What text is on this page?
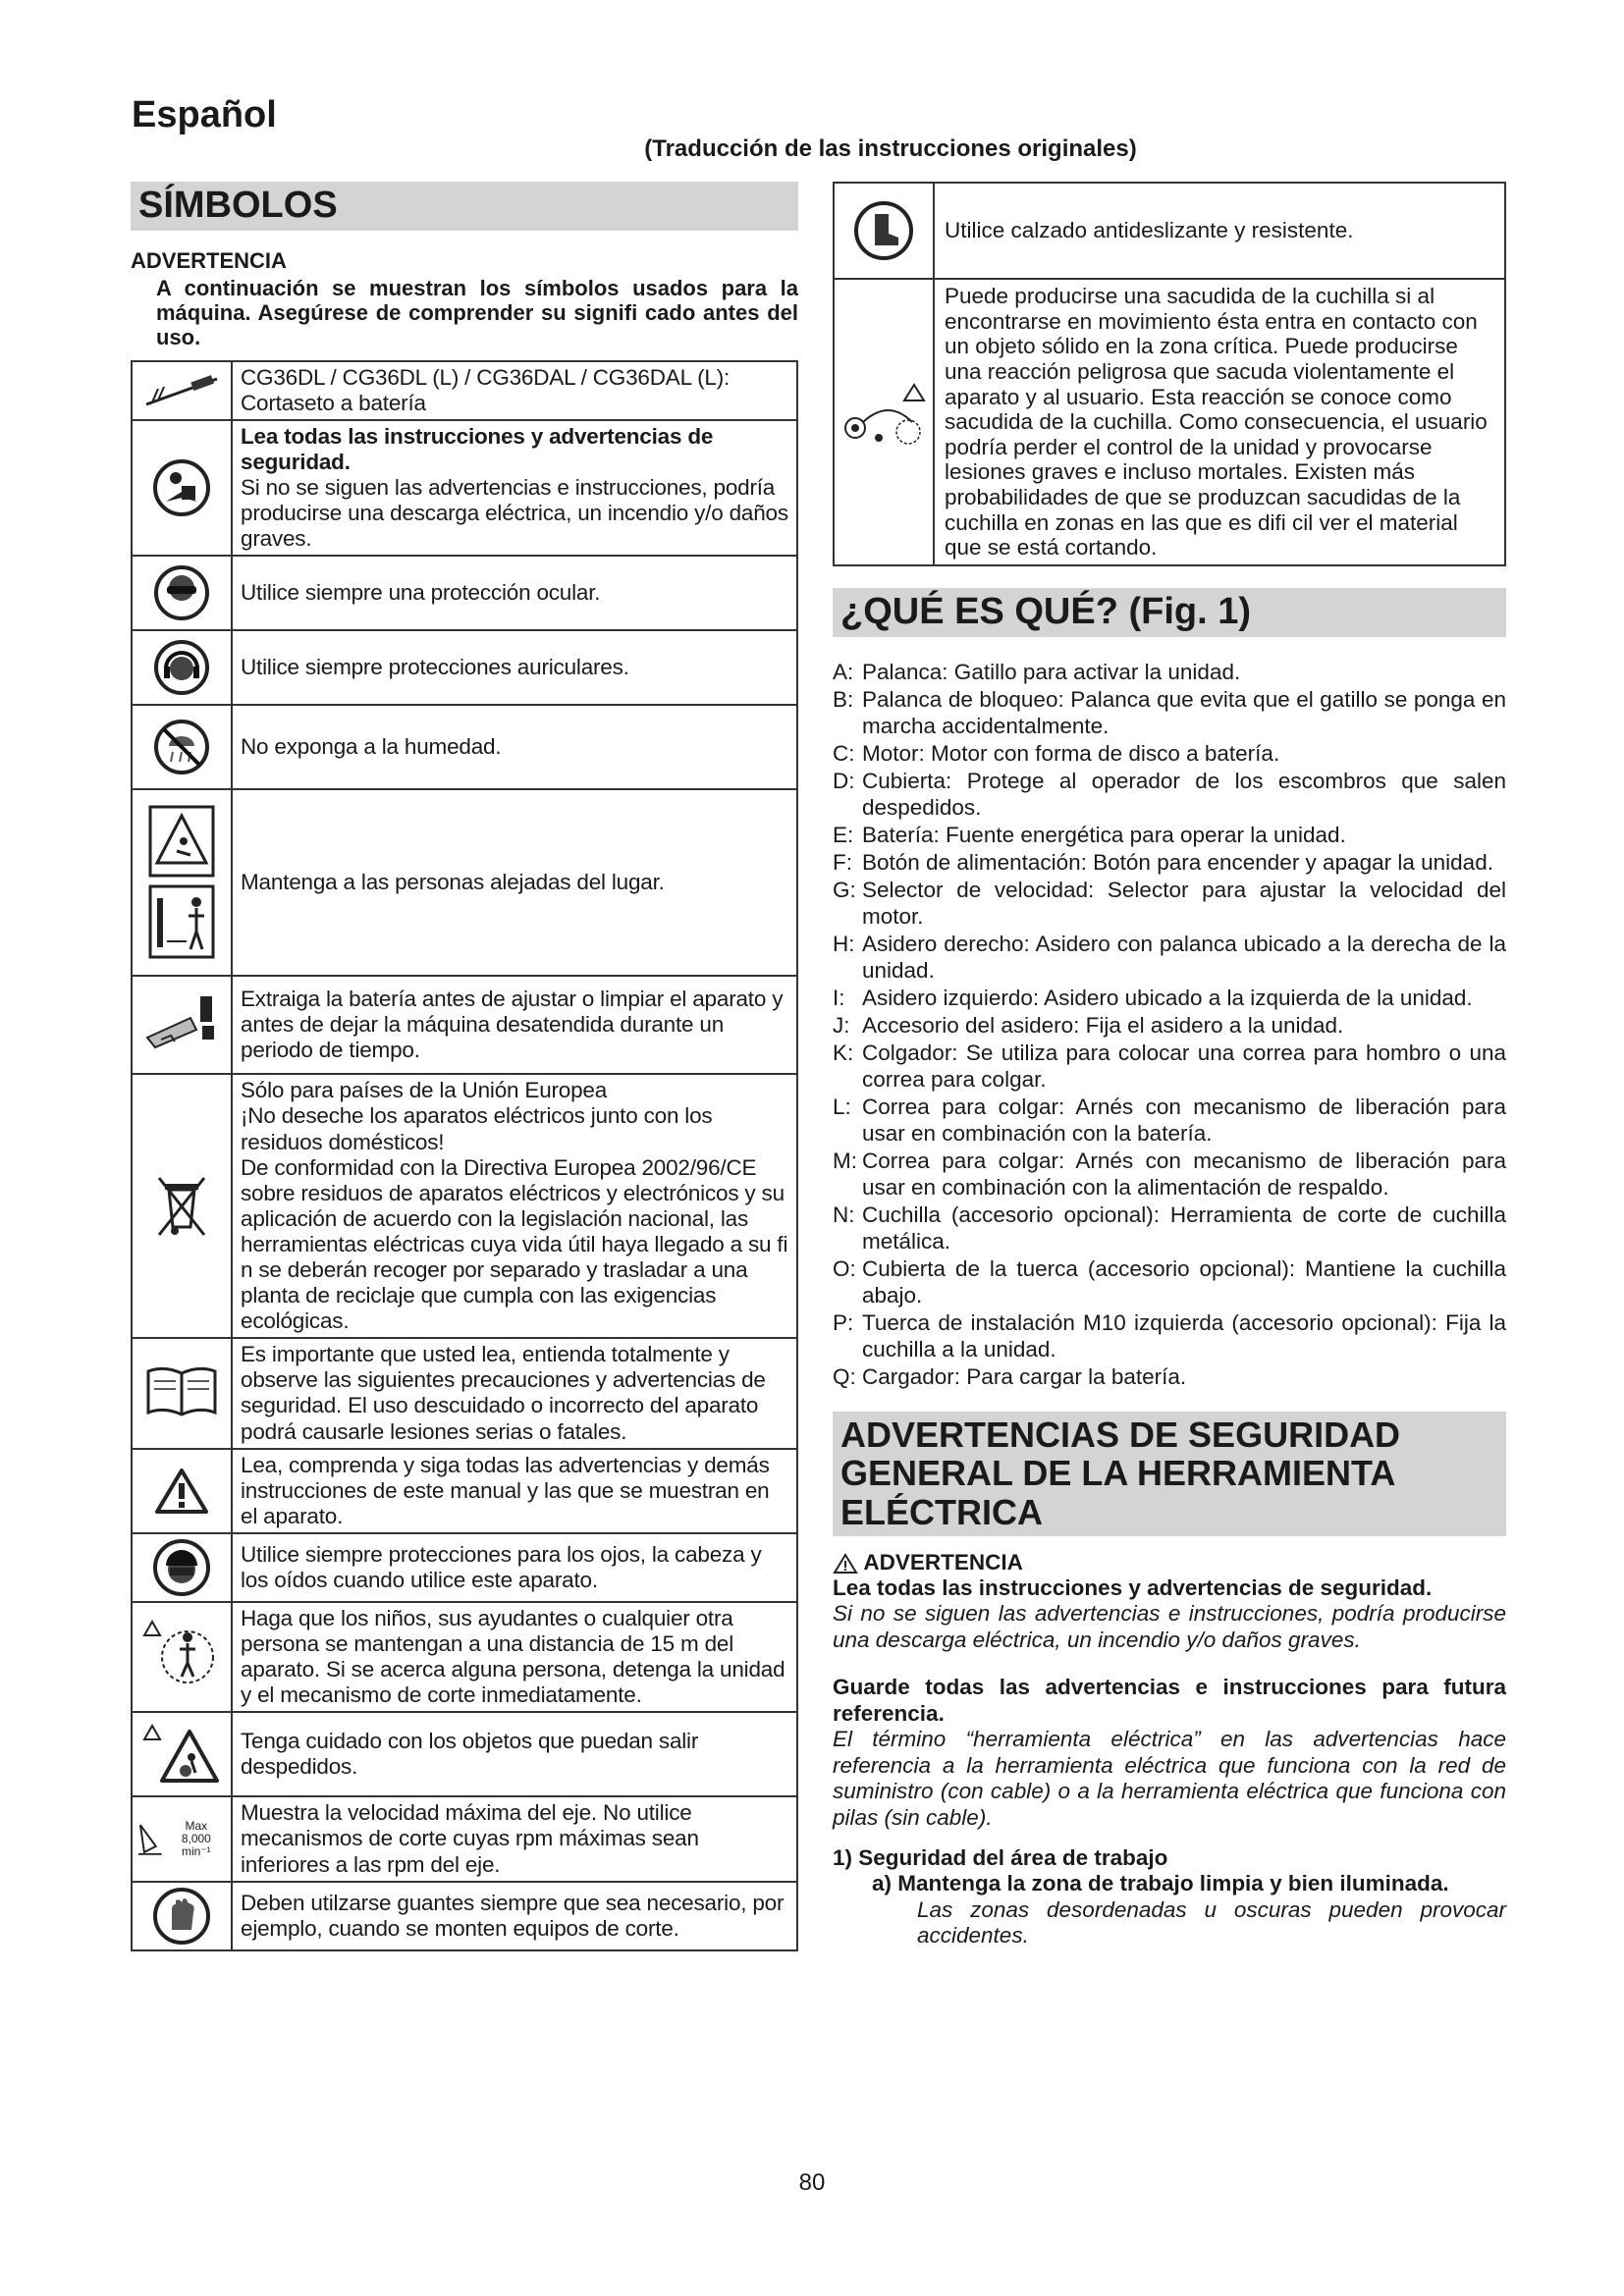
Español
(Traducción de las instrucciones originales)
SÍMBOLOS
ADVERTENCIA
A continuación se muestran los símbolos usados para la máquina. Asegúrese de comprender su signifi cado antes del uso.

CG36DL / CG36DL (L) / CG36DAL / CG36DAL (L):
Cortaseto a batería

Lea todas las instrucciones y advertencias de seguridad.
Si no se siguen las advertencias e instrucciones, podría producirse una descarga eléctrica, un incendio y/o daños graves.

Utilice siempre una protección ocular.

Utilice siempre protecciones auriculares.

No exponga a la humedad.

Mantenga a las personas alejadas del lugar.

Extraiga la batería antes de ajustar o limpiar el aparato y antes de dejar la máquina desatendida durante un periodo de tiempo.

Sólo para países de la Unión Europea
¡No deseche los aparatos eléctricos junto con los residuos domésticos!
De conformidad con la Directiva Europea 2002/96/CE sobre residuos de aparatos eléctricos y electrónicos y su aplicación de acuerdo con la legislación nacional, las herramientas eléctricas cuya vida útil haya llegado a su fi n se deberán recoger por separado y trasladar a una planta de reciclaje que cumpla con las exigencias ecológicas.

Es importante que usted lea, entienda totalmente y observe las siguientes precauciones y advertencias de seguridad. El uso descuidado o incorrecto del aparato podrá causarle lesiones serias o fatales.

Lea, comprenda y siga todas las advertencias y demás instrucciones de este manual y las que se muestran en el aparato.

Utilice siempre protecciones para los ojos, la cabeza y los oídos cuando utilice este aparato.

Haga que los niños, sus ayudantes o cualquier otra persona se mantengan a una distancia de 15 m del aparato. Si se acerca alguna persona, detenga la unidad y el mecanismo de corte inmediatamente.

Tenga cuidado con los objetos que puedan salir despedidos.

Max
8,000 min⁻¹	Muestra la velocidad máxima del eje. No utilice mecanismos de corte cuyas rpm máximas sean inferiores a las rpm del eje.

Deben utilzarse guantes siempre que sea necesario, por ejemplo, cuando se monten equipos de corte.

Utilice calzado antideslizante y resistente.

Puede producirse una sacudida de la cuchilla si al encontrarse en movimiento ésta entra en contacto con un objeto sólido en la zona crítica. Puede producirse una reacción peligrosa que sacuda violentamente el aparato y al usuario. Esta reacción se conoce como sacudida de la cuchilla. Como consecuencia, el usuario podría perder el control de la unidad y provocarse lesiones graves e incluso mortales. Existen más probabilidades de que se produzcan sacudidas de la cuchilla en zonas en las que es difi cil ver el material que se está cortando.
¿QUÉ ES QUÉ? (Fig. 1)
A: Palanca: Gatillo para activar la unidad.
B: Palanca de bloqueo: Palanca que evita que el gatillo se ponga en marcha accidentalmente.
C: Motor: Motor con forma de disco a batería.
D: Cubierta: Protege al operador de los escombros que salen despedidos.
E: Batería: Fuente energética para operar la unidad.
F: Botón de alimentación: Botón para encender y apagar la unidad.
G: Selector de velocidad: Selector para ajustar la velocidad del motor.
H: Asidero derecho: Asidero con palanca ubicado a la derecha de la unidad.
I: Asidero izquierdo: Asidero ubicado a la izquierda de la unidad.
J: Accesorio del asidero: Fija el asidero a la unidad.
K: Colgador: Se utiliza para colocar una correa para hombro o una correa para colgar.
L: Correa para colgar: Arnés con mecanismo de liberación para usar en combinación con la batería.
M: Correa para colgar: Arnés con mecanismo de liberación para usar en combinación con la alimentación de respaldo.
N: Cuchilla (accesorio opcional): Herramienta de corte de cuchilla metálica.
O: Cubierta de la tuerca (accesorio opcional): Mantiene la cuchilla abajo.
P: Tuerca de instalación M10 izquierda (accesorio opcional): Fija la cuchilla a la unidad.
Q: Cargador: Para cargar la batería.
ADVERTENCIAS DE SEGURIDAD
GENERAL DE LA HERRAMIENTA
ELÉCTRICA
ADVERTENCIA
Lea todas las instrucciones y advertencias de seguridad.
Si no se siguen las advertencias e instrucciones, podría producirse una descarga eléctrica, un incendio y/o daños graves.
Guarde todas las advertencias e instrucciones para futura referencia.
El término “herramienta eléctrica” en las advertencias hace referencia a la herramienta eléctrica que funciona con la red de suministro (con cable) o a la herramienta eléctrica que funciona con pilas (sin cable).
1) Seguridad del área de trabajo
a) Mantenga la zona de trabajo limpia y bien iluminada.
Las zonas desordenadas u oscuras pueden provocar accidentes.
80
